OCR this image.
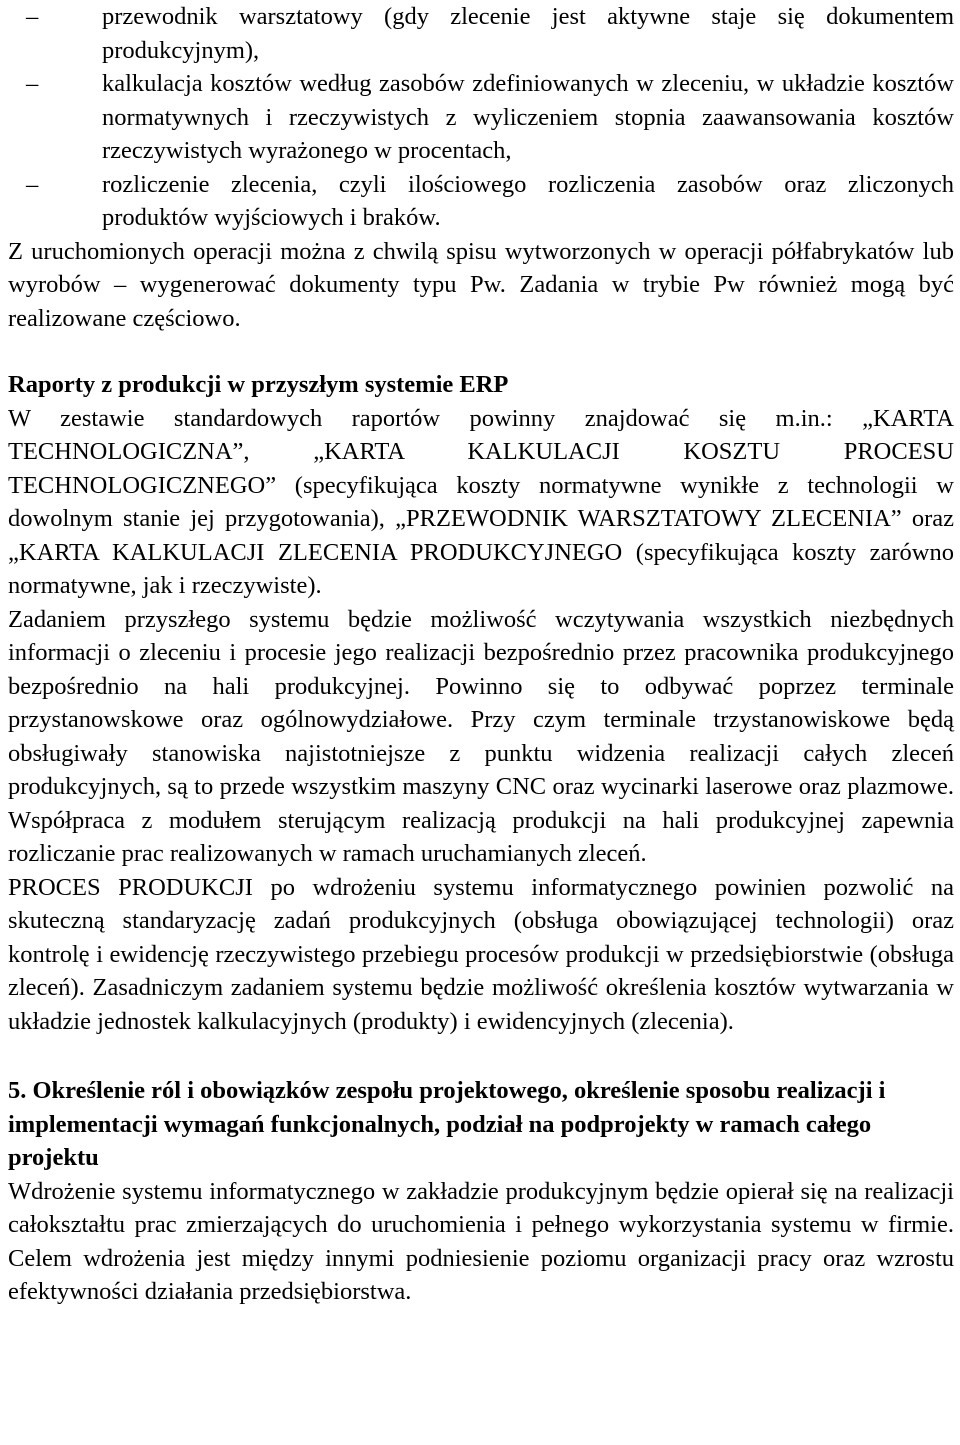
–	przewodnik warsztatowy (gdy zlecenie jest aktywne staje się dokumentem produkcyjnym),

–	kalkulacja kosztów według zasobów zdefiniowanych w zleceniu, w układzie kosztów normatywnych i rzeczywistych z wyliczeniem stopnia zaawansowania kosztów rzeczywistych wyrażonego w procentach,

–	rozliczenie zlecenia, czyli ilościowego rozliczenia zasobów oraz zliczonych produktów wyjściowych i braków.

Z uruchomionych operacji można z chwilą spisu wytworzonych w operacji półfabrykatów lub wyrobów – wygenerować dokumenty typu Pw. Zadania w trybie Pw również mogą być realizowane częściowo.

Raporty z produkcji w przyszłym systemie ERP

W zestawie standardowych raportów powinny znajdować się m.in.: „KARTA TECHNOLOGICZNA”, „KARTA KALKULACJI KOSZTU PROCESU TECHNOLOGICZNEGO” (specyfikująca koszty normatywne wynikłe z technologii w dowolnym stanie jej przygotowania), „PRZEWODNIK WARSZTATOWY ZLECENIA” oraz „KARTA KALKULACJI ZLECENIA PRODUKCYJNEGO (specyfikująca koszty zarówno normatywne, jak i rzeczywiste).

Zadaniem przyszłego systemu będzie możliwość wczytywania wszystkich niezbędnych informacji o zleceniu i procesie jego realizacji bezpośrednio przez pracownika produkcyjnego bezpośrednio na hali produkcyjnej. Powinno się to odbywać poprzez terminale przystanowskowe oraz ogólnowydziałowe. Przy czym terminale trzystanowiskowe będą obsługiwały stanowiska najistotniejsze z punktu widzenia realizacji całych zleceń produkcyjnych, są to przede wszystkim maszyny CNC oraz wycinarki laserowe oraz plazmowe. Współpraca z modułem sterującym realizacją produkcji na hali produkcyjnej zapewnia rozliczanie prac realizowanych w ramach uruchamianych zleceń.

PROCES PRODUKCJI po wdrożeniu systemu informatycznego powinien pozwolić na skuteczną standaryzację zadań produkcyjnych (obsługa obowiązującej technologii) oraz kontrolę i ewidencję rzeczywistego przebiegu procesów produkcji w przedsiębiorstwie (obsługa zleceń). Zasadniczym zadaniem systemu będzie możliwość określenia kosztów wytwarzania w układzie jednostek kalkulacyjnych (produkty) i ewidencyjnych (zlecenia).

5. Określenie ról i obowiązków zespołu projektowego, określenie sposobu realizacji i implementacji wymagań funkcjonalnych, podział na podprojekty w ramach całego projektu

Wdrożenie systemu informatycznego w zakładzie produkcyjnym będzie opierał się na realizacji całokształtu prac zmierzających do uruchomienia i pełnego wykorzystania systemu w firmie. Celem wdrożenia jest między innymi podniesienie poziomu organizacji pracy oraz wzrostu efektywności działania przedsiębiorstwa.
